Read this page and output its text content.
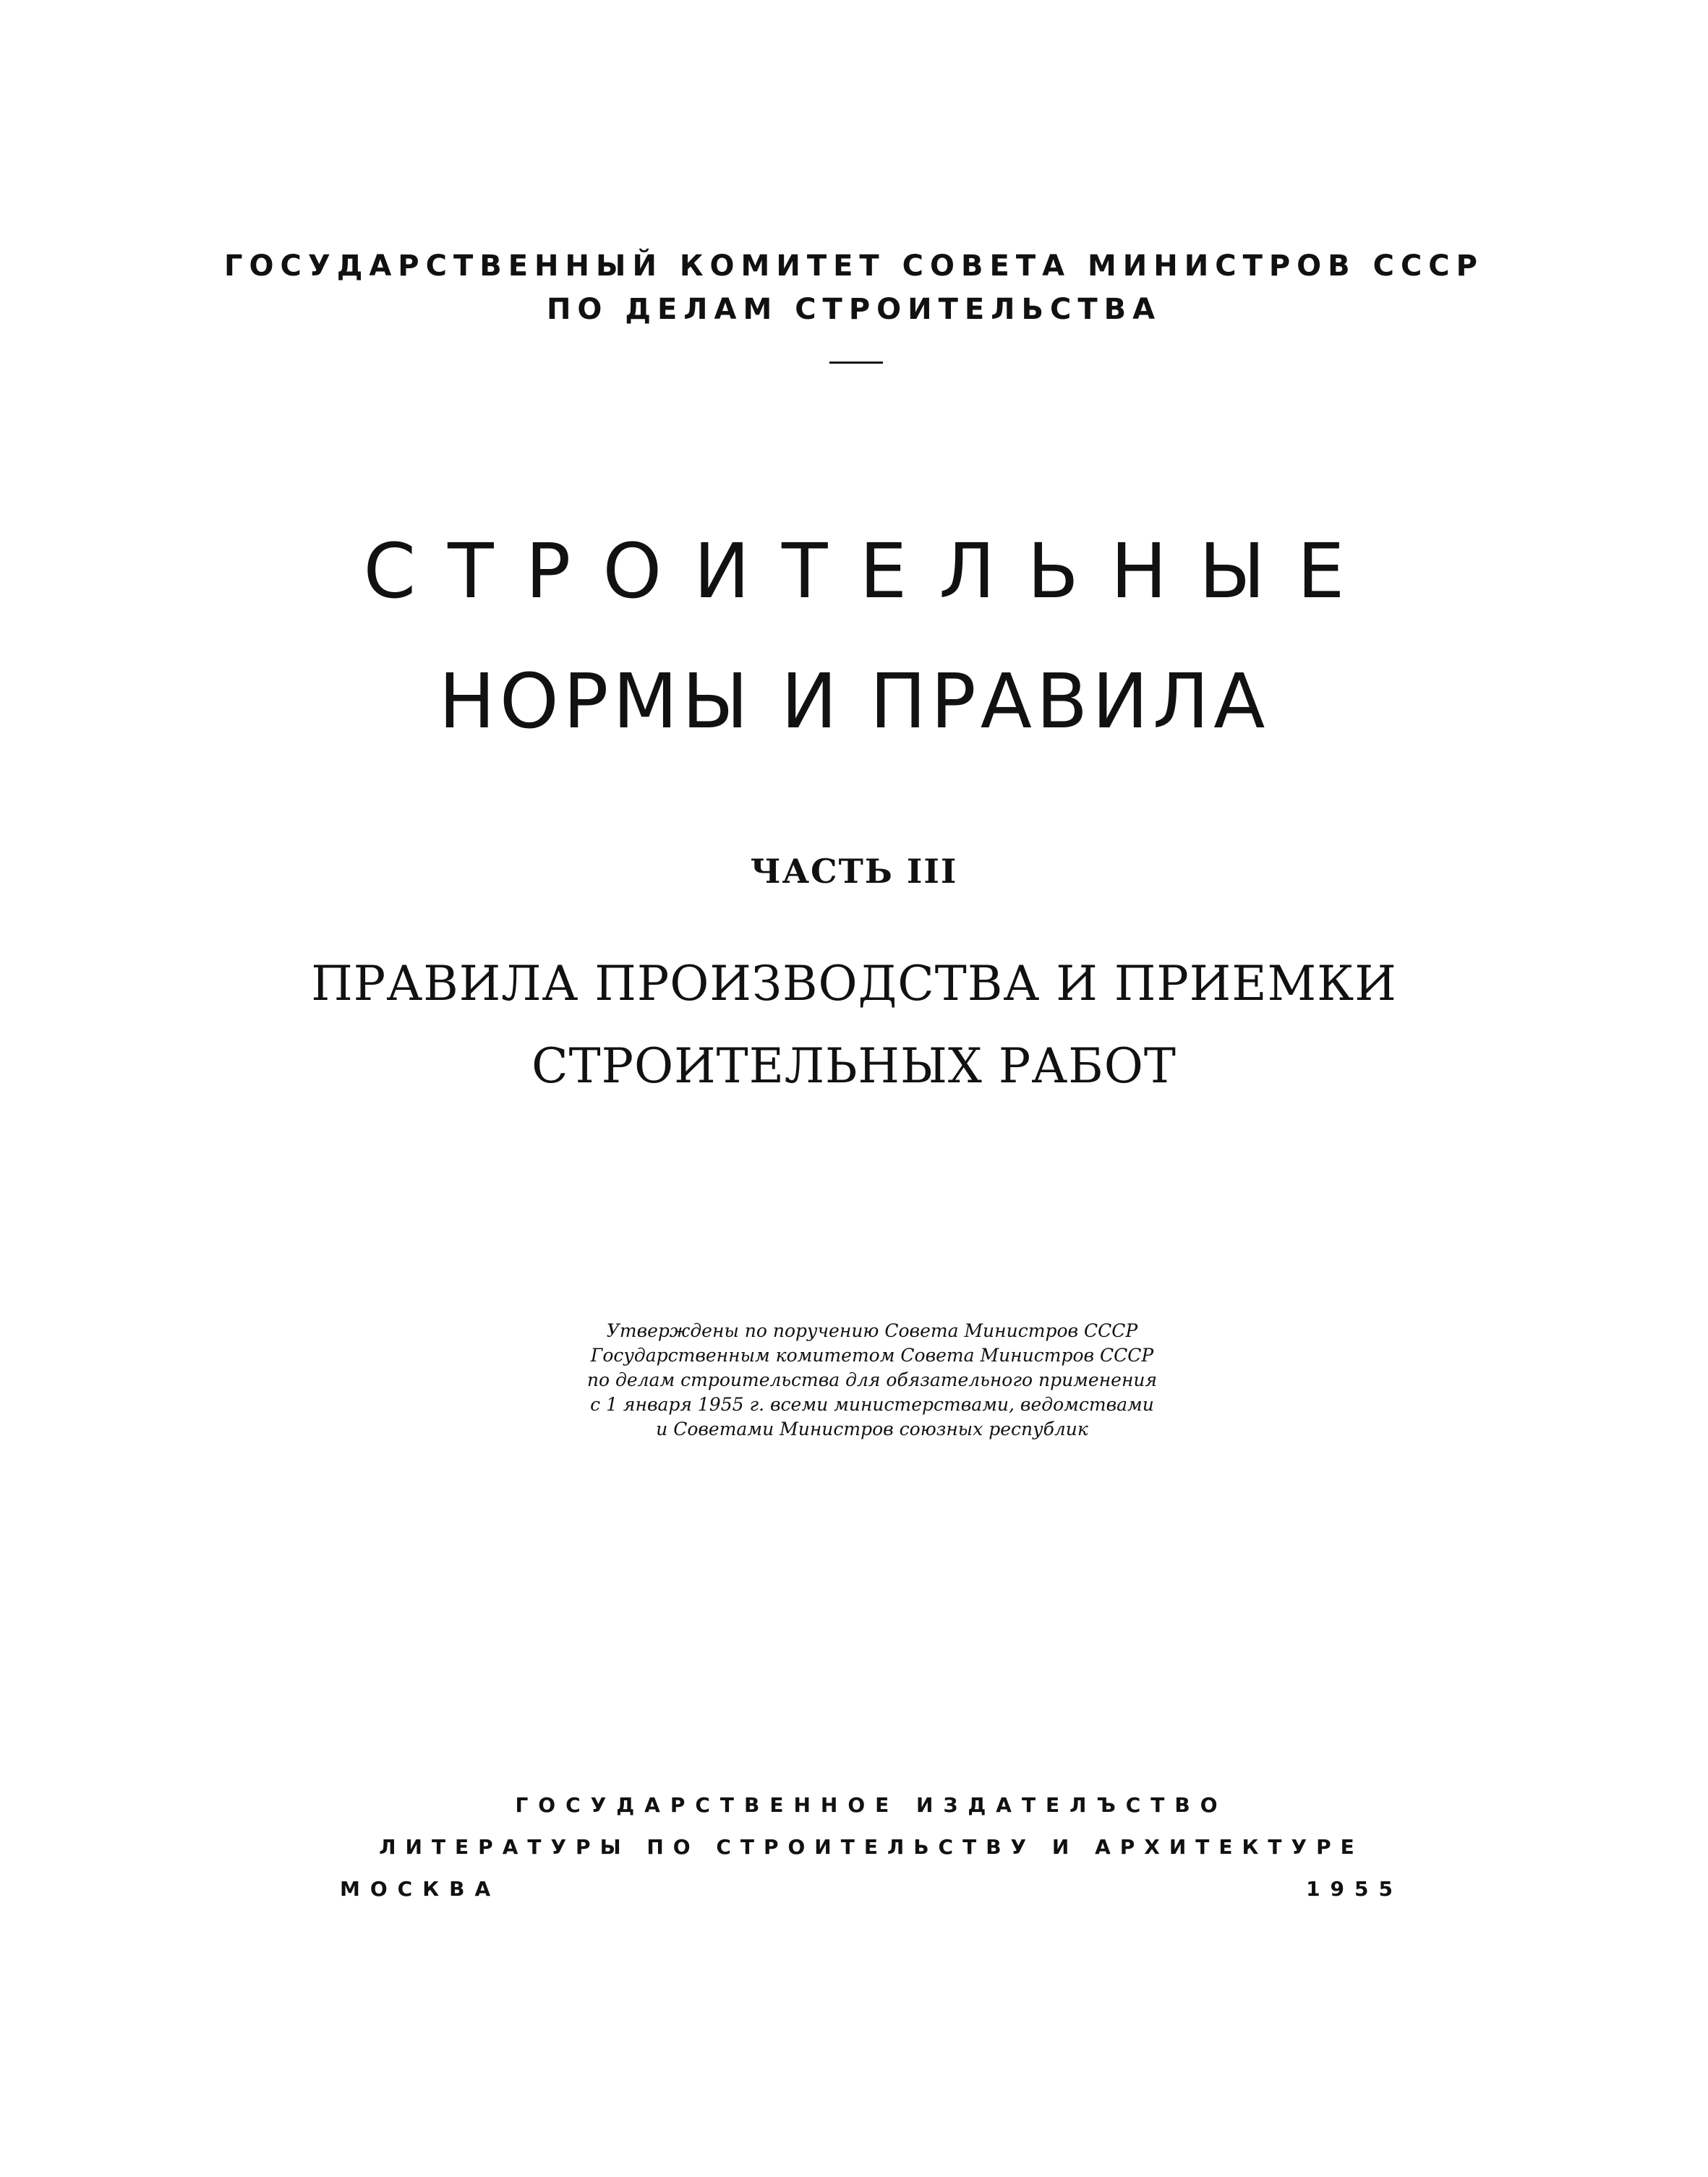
ГОСУДАРСТВЕННЫЙ КОМИТЕТ СОВЕТА МИНИСТРОВ СССР
ПО ДЕЛАМ СТРОИТЕЛЬСТВА
СТРОИТЕЛЬНЫЕ
НОРМЫ И ПРАВИЛА
ЧАСТЬ III
ПРАВИЛА ПРОИЗВОДСТВА И ПРИЕМКИ
СТРОИТЕЛЬНЫХ РАБОТ
Утверждены по поручению Совета Министров СССР
Государственным комитетом Совета Министров СССР
по делам строительства для обязательного применения
с 1 января 1955 г. всеми министерствами, ведомствами
и Советами Министров союзных республик
ГОСУДАРСТВЕННОЕ ИЗДАТЕЛЪСТВО
ЛИТЕРАТУРЫ ПО СТРОИТЕЛЬСТВУ И АРХИТЕКТУРЕ
МОСКВА	1955
